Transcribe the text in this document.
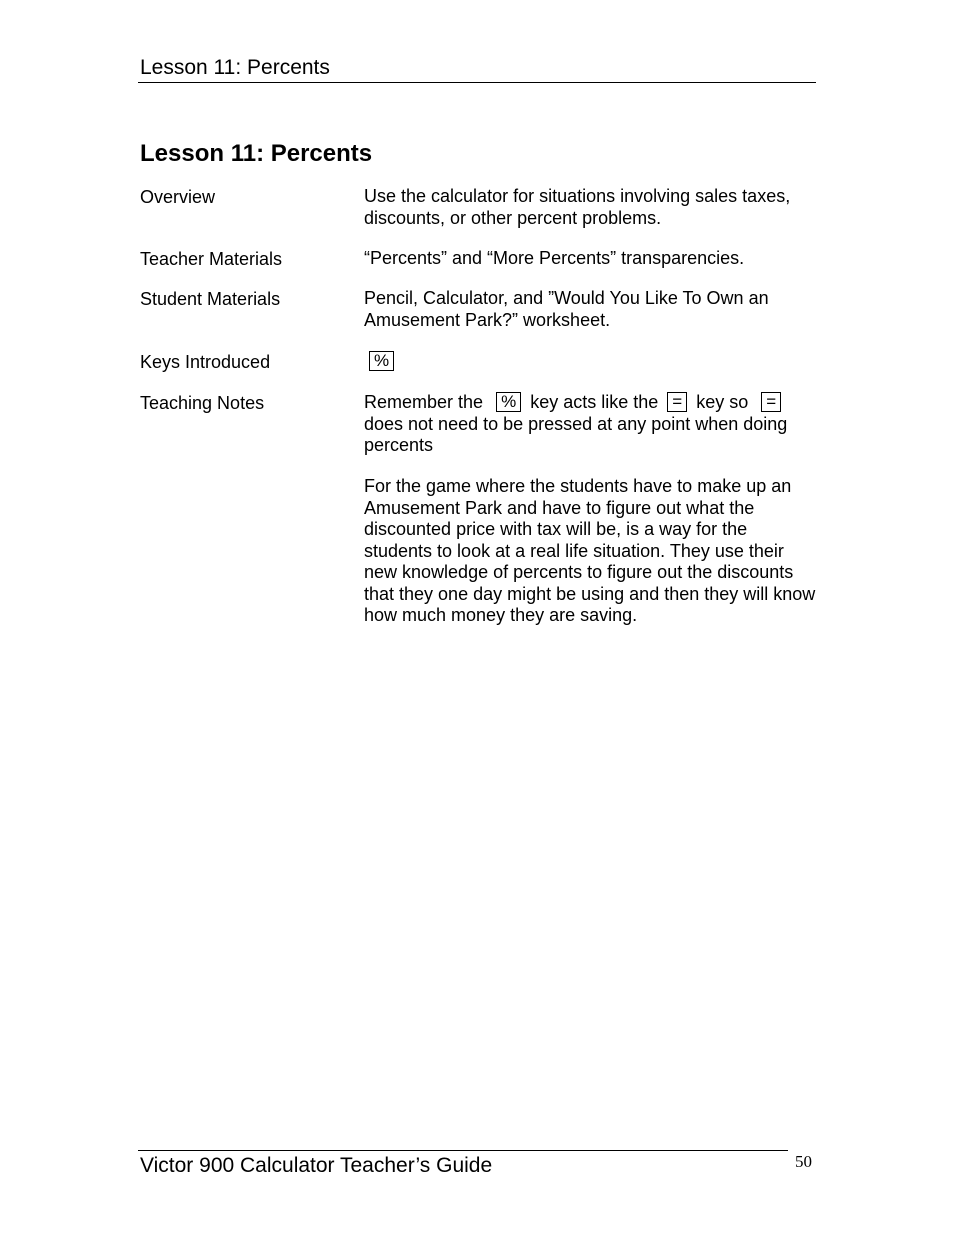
Lesson 11: Percents
Lesson 11: Percents
Overview	Use the calculator for situations involving sales taxes, discounts, or other percent problems.
Teacher Materials	“Percents” and “More Percents” transparencies.
Student Materials	Pencil, Calculator, and ”Would You Like To Own an Amusement Park?” worksheet.
Keys Introduced	%
Teaching Notes	Remember the % key acts like the = key so = does not need to be pressed at any point when doing percents
For the game where the students have to make up an Amusement Park and have to figure out what the discounted price with tax will be, is a way for the students to look at a real life situation. They use their new knowledge of percents to figure out the discounts that they one day might be using and then they will know how much money they are saving.
Victor 900 Calculator Teacher’s Guide	50
